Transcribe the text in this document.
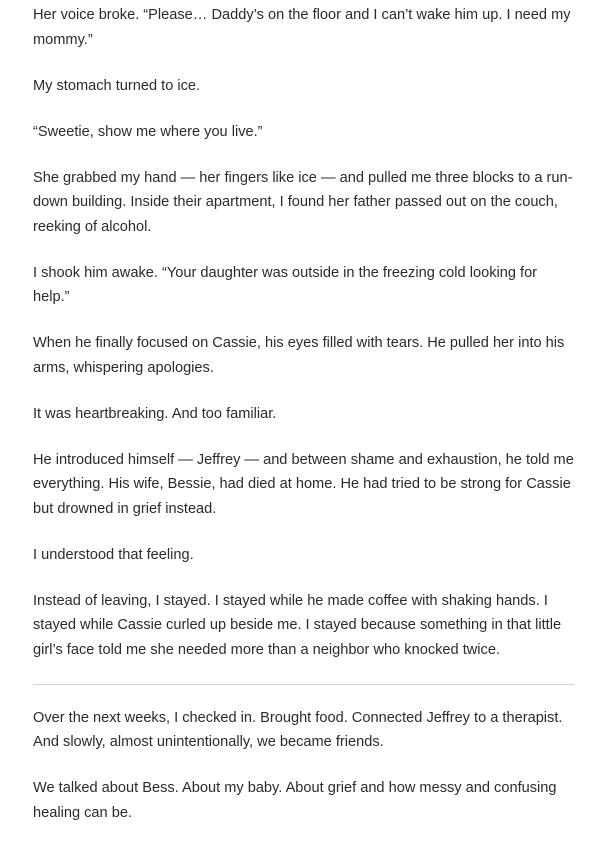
Her voice broke. “Please… Daddy’s on the floor and I can’t wake him up. I need my mommy.”

My stomach turned to ice.

“Sweetie, show me where you live.”

She grabbed my hand — her fingers like ice — and pulled me three blocks to a run-down building. Inside their apartment, I found her father passed out on the couch, reeking of alcohol.

I shook him awake. “Your daughter was outside in the freezing cold looking for help.”

When he finally focused on Cassie, his eyes filled with tears. He pulled her into his arms, whispering apologies.

It was heartbreaking. And too familiar.

He introduced himself — Jeffrey — and between shame and exhaustion, he told me everything. His wife, Bessie, had died at home. He had tried to be strong for Cassie but drowned in grief instead.

I understood that feeling.

Instead of leaving, I stayed. I stayed while he made coffee with shaking hands. I stayed while Cassie curled up beside me. I stayed because something in that little girl’s face told me she needed more than a neighbor who knocked twice.

Over the next weeks, I checked in. Brought food. Connected Jeffrey to a therapist. And slowly, almost unintentionally, we became friends.

We talked about Bess. About my baby. About grief and how messy and confusing healing can be.
